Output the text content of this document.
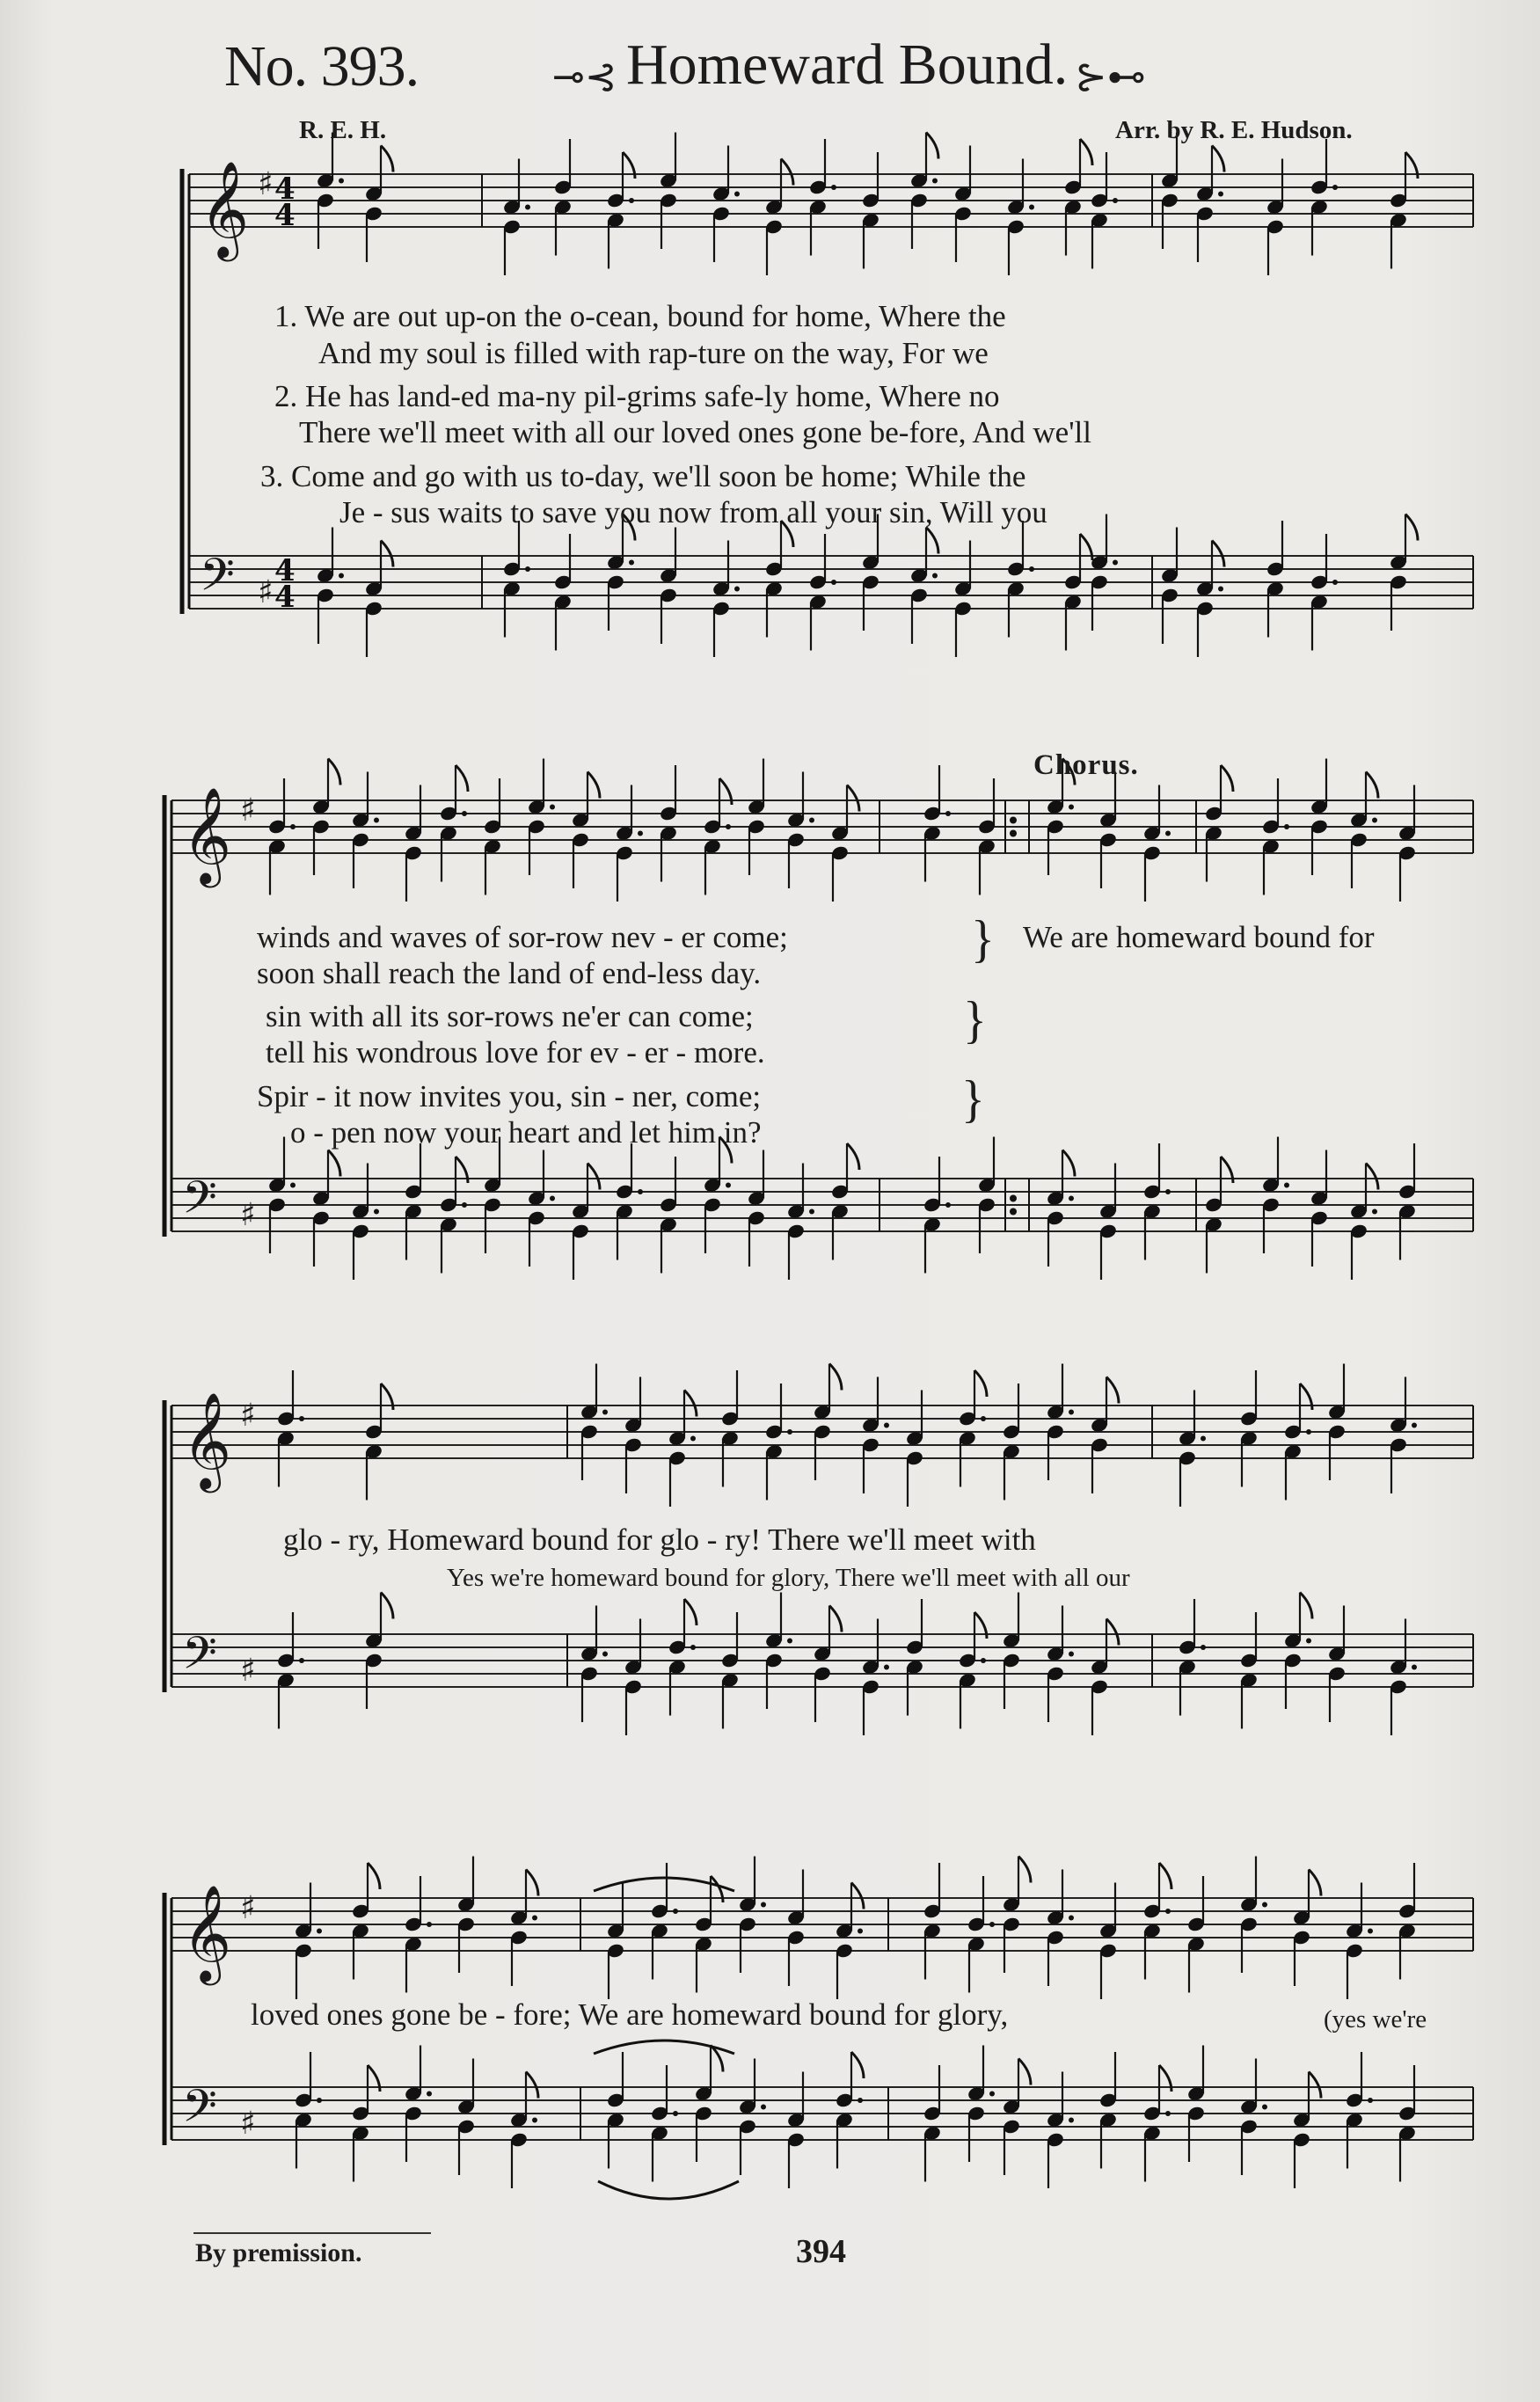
𝄞 ♯
𝄢 ♯
𝄞 ♯
𝄢 ♯
𝄞 ♯
𝄢 ♯
𝄞 ♯
𝄢 ♯
4
4
4
4
No. 393.	⊸⊰ Homeward Bound. ⊱⊷
R. E. H.	Arr. by R. E. Hudson.
1. We are out up-on the o-cean, bound for home, Where the
And my soul is filled with rap-ture on the way, For we
2. He has land-ed ma-ny pil-grims safe-ly home, Where no
There we'll meet with all our loved ones gone be-fore, And we'll
3. Come and go with us to-day, we'll soon be home; While the
Je - sus waits to save you now from all your sin, Will you
Chorus.
winds and waves of sor-row nev - er come;
soon shall reach the land of end-less day.
sin with all its sor-rows ne'er can come;
tell his wondrous love for ev - er - more.
Spir - it now invites you, sin - ner, come;
o - pen now your heart and let him in?
}
}
}
We are homeward bound for
glo - ry, Homeward bound for glo - ry! There we'll meet with
Yes we're homeward bound for glory, There we'll meet with all our
loved ones gone be - fore; We are homeward bound for glory,	(yes we're
By premission.	394
